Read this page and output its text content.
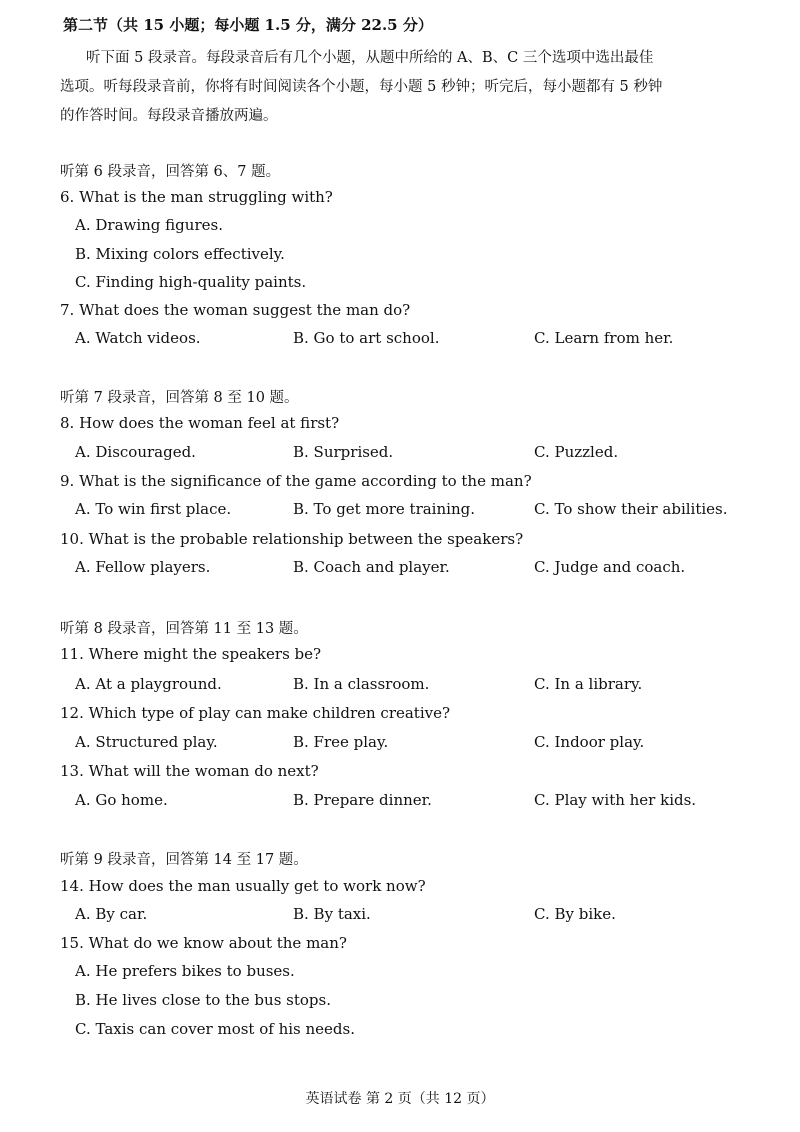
第二节（共 15 小题；每小题 1.5 分，满分 22.5 分）
听下面 5 段录音。每段录音后有几个小题，从题中所给的 A、B、C 三个选项中选出最佳
选项。听每段录音前，你将有时间阅读各个小题，每小题 5 秒钟；听完后，每小题都有 5 秒钟
的作答时间。每段录音播放两遍。
听第 6 段录音，回答第 6、7 题。
6. What is the man struggling with?
A. Drawing figures.
B. Mixing colors effectively.
C. Finding high-quality paints.
7. What does the woman suggest the man do?
A. Watch videos.	B. Go to art school.	C. Learn from her.
听第 7 段录音，回答第 8 至 10 题。
8. How does the woman feel at first?
A. Discouraged.	B. Surprised.	C. Puzzled.
9. What is the significance of the game according to the man?
A. To win first place.	B. To get more training.	C. To show their abilities.
10. What is the probable relationship between the speakers?
A. Fellow players.	B. Coach and player.	C. Judge and coach.
听第 8 段录音，回答第 11 至 13 题。
11. Where might the speakers be?
A. At a playground.	B. In a classroom.	C. In a library.
12. Which type of play can make children creative?
A. Structured play.	B. Free play.	C. Indoor play.
13. What will the woman do next?
A. Go home.	B. Prepare dinner.	C. Play with her kids.
听第 9 段录音，回答第 14 至 17 题。
14. How does the man usually get to work now?
A. By car.	B. By taxi.	C. By bike.
15. What do we know about the man?
A. He prefers bikes to buses.
B. He lives close to the bus stops.
C. Taxis can cover most of his needs.
英语试卷 第 2 页（共 12 页）
